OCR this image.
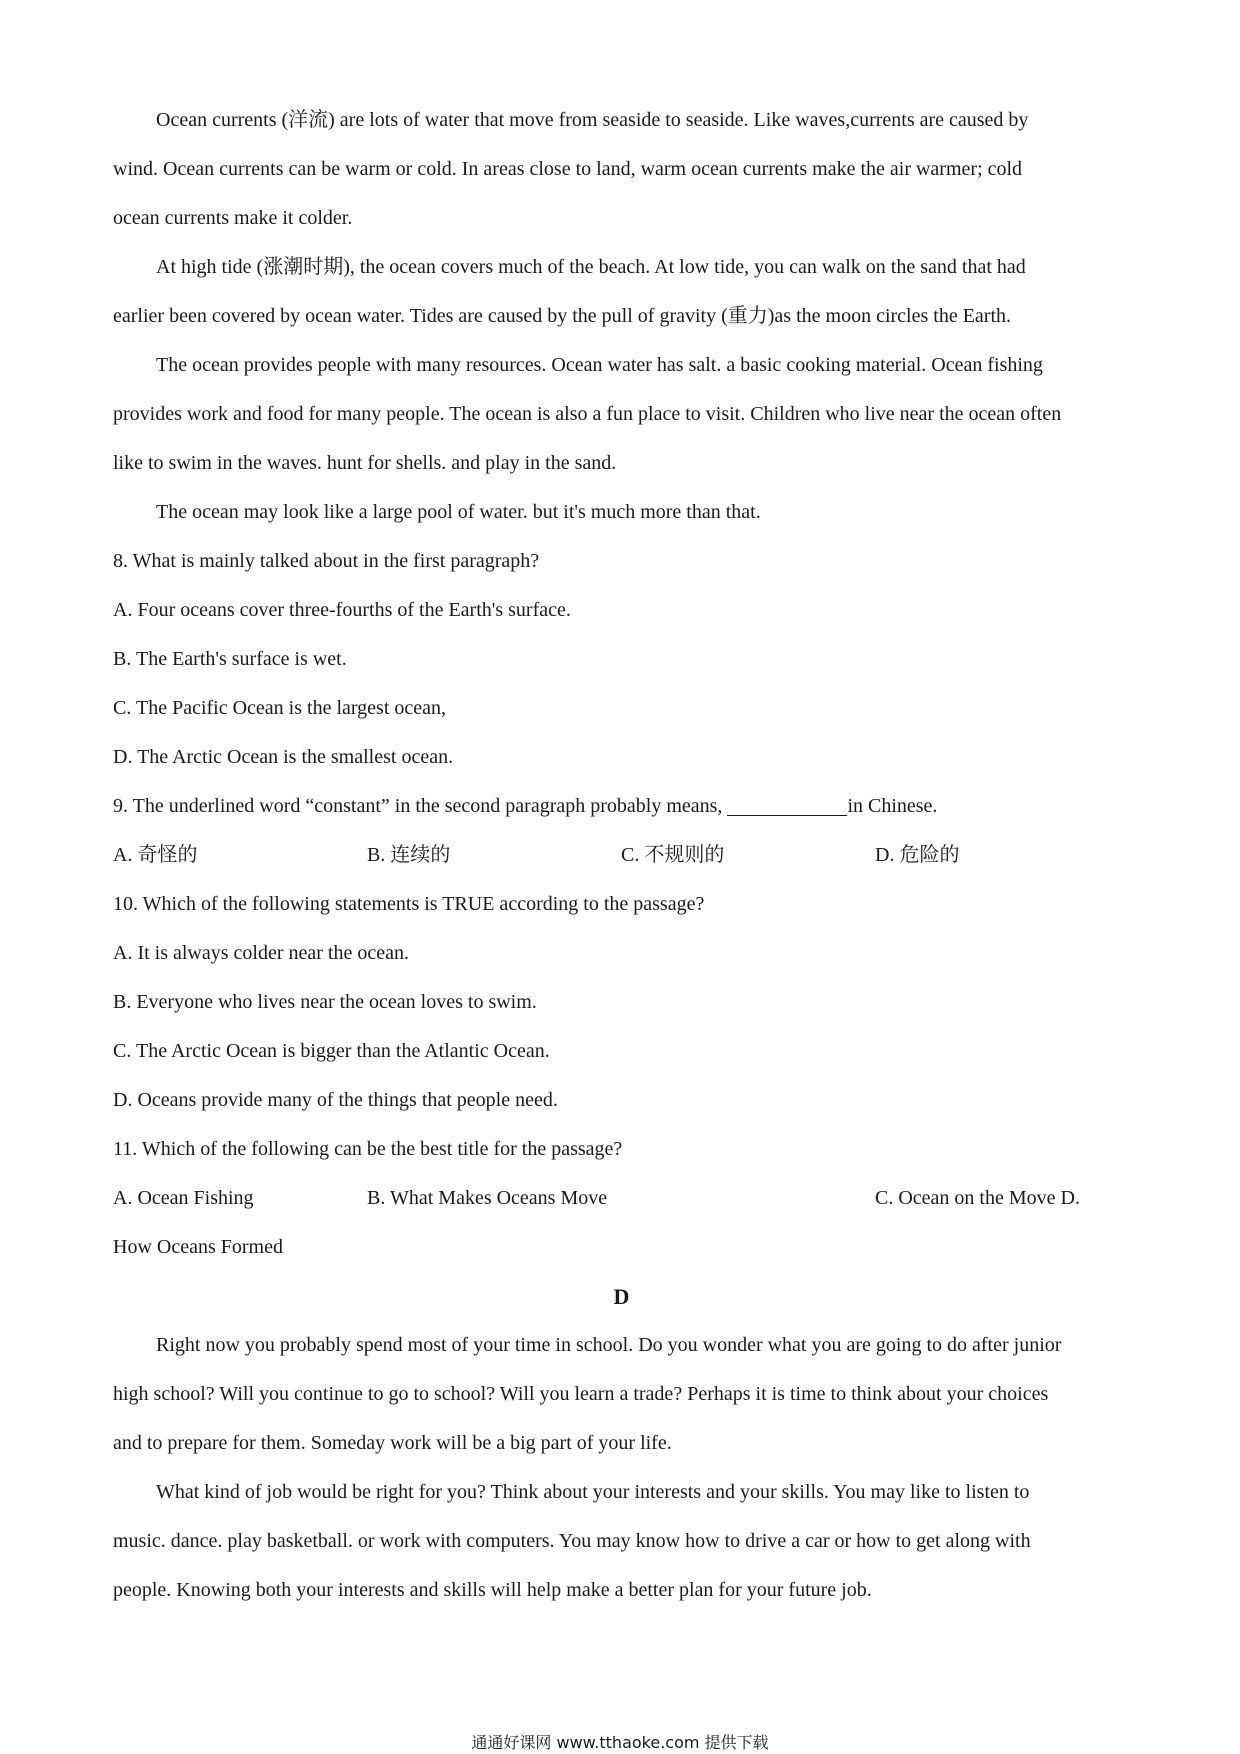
Ocean currents (洋流) are lots of water that move from seaside to seaside. Like waves,currents are caused by
wind. Ocean currents can be warm or cold. In areas close to land, warm ocean currents make the air warmer; cold
ocean currents make it colder.
At high tide (涨潮时期), the ocean covers much of the beach. At low tide, you can walk on the sand that had
earlier been covered by ocean water. Tides are caused by the pull of gravity (重力)as the moon circles the Earth.
The ocean provides people with many resources. Ocean water has salt. a basic cooking material. Ocean fishing
provides work and food for many people. The ocean is also a fun place to visit. Children who live near the ocean often
like to swim in the waves. hunt for shells. and play in the sand.
The ocean may look like a large pool of water. but it's much more than that.
8. What is mainly talked about in the first paragraph?
A. Four oceans cover three-fourths of the Earth's surface.
B. The Earth's surface is wet.
C. The Pacific Ocean is the largest ocean,
D. The Arctic Ocean is the smallest ocean.
9. The underlined word “constant” in the second paragraph probably means,	in Chinese.
A. 奇怪的	B. 连续的	C. 不规则的	D. 危险的
10. Which of the following statements is TRUE according to the passage?
A. It is always colder near the ocean.
B. Everyone who lives near the ocean loves to swim.
C. The Arctic Ocean is bigger than the Atlantic Ocean.
D. Oceans provide many of the things that people need.
11. Which of the following can be the best title for the passage?
A. Ocean Fishing	B. What Makes Oceans Move	C. Ocean on the Move D.
How Oceans Formed
D
Right now you probably spend most of your time in school. Do you wonder what you are going to do after junior
high school? Will you continue to go to school? Will you learn a trade? Perhaps it is time to think about your choices
and to prepare for them. Someday work will be a big part of your life.
What kind of job would be right for you? Think about your interests and your skills. You may like to listen to
music. dance. play basketball. or work with computers. You may know how to drive a car or how to get along with
people. Knowing both your interests and skills will help make a better plan for your future job.
通通好课网 www.tthaoke.com 提供下载
